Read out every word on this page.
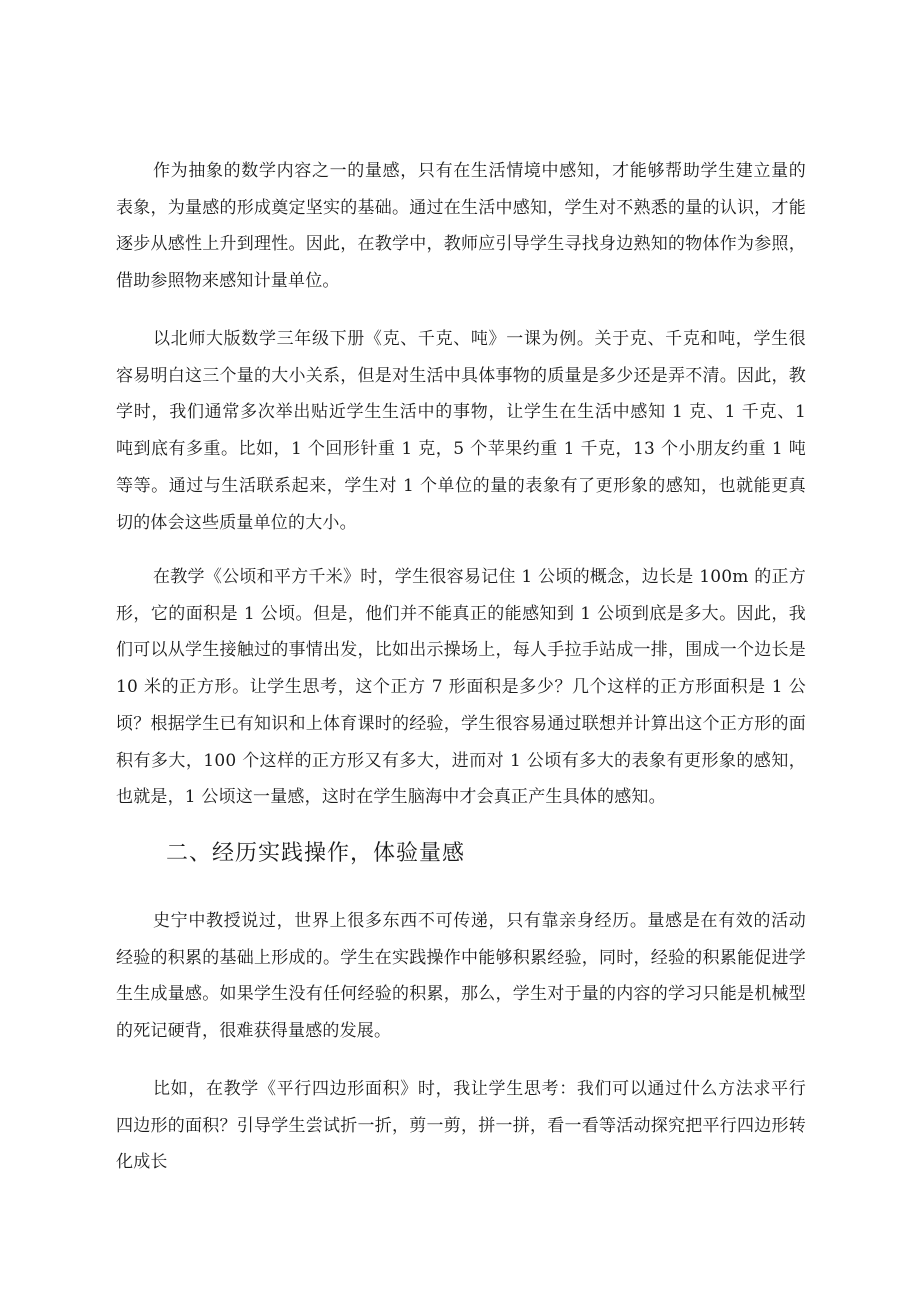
作为抽象的数学内容之一的量感，只有在生活情境中感知，才能够帮助学生建立量的表象，为量感的形成奠定坚实的基础。通过在生活中感知，学生对不熟悉的量的认识，才能逐步从感性上升到理性。因此，在教学中，教师应引导学生寻找身边熟知的物体作为参照，借助参照物来感知计量单位。

以北师大版数学三年级下册《克、千克、吨》一课为例。关于克、千克和吨，学生很容易明白这三个量的大小关系，但是对生活中具体事物的质量是多少还是弄不清。因此，教学时，我们通常多次举出贴近学生生活中的事物，让学生在生活中感知 1 克、1 千克、1 吨到底有多重。比如，1 个回形针重 1 克，5 个苹果约重 1 千克，13 个小朋友约重 1 吨等等。通过与生活联系起来，学生对 1 个单位的量的表象有了更形象的感知，也就能更真切的体会这些质量单位的大小。

在教学《公顷和平方千米》时，学生很容易记住 1 公顷的概念，边长是 100m 的正方形，它的面积是 1 公顷。但是，他们并不能真正的能感知到 1 公顷到底是多大。因此，我们可以从学生接触过的事情出发，比如出示操场上，每人手拉手站成一排，围成一个边长是 10 米的正方形。让学生思考，这个正方 7 形面积是多少？几个这样的正方形面积是 1 公顷？根据学生已有知识和上体育课时的经验，学生很容易通过联想并计算出这个正方形的面积有多大，100 个这样的正方形又有多大，进而对 1 公顷有多大的表象有更形象的感知，也就是，1 公顷这一量感，这时在学生脑海中才会真正产生具体的感知。

二、经历实践操作，体验量感

史宁中教授说过，世界上很多东西不可传递，只有靠亲身经历。量感是在有效的活动经验的积累的基础上形成的。学生在实践操作中能够积累经验，同时，经验的积累能促进学生生成量感。如果学生没有任何经验的积累，那么，学生对于量的内容的学习只能是机械型的死记硬背，很难获得量感的发展。

比如，在教学《平行四边形面积》时，我让学生思考：我们可以通过什么方法求平行四边形的面积？引导学生尝试折一折，剪一剪，拼一拼，看一看等活动探究把平行四边形转化成长
